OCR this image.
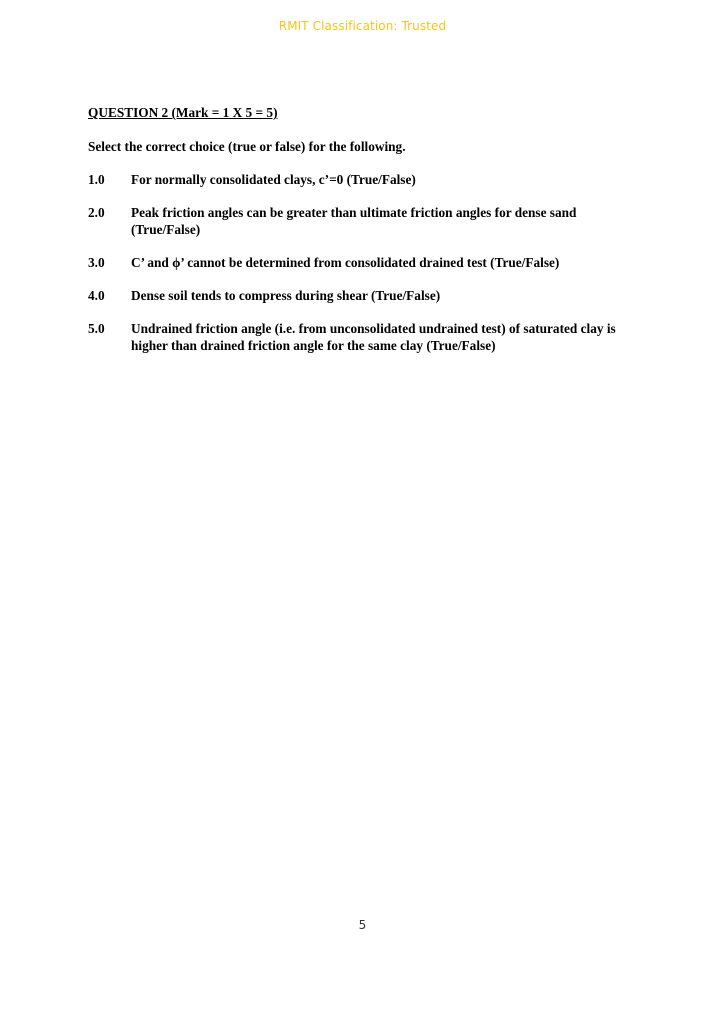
RMIT Classification: Trusted
QUESTION 2 (Mark = 1 X 5 = 5)
Select the correct choice (true or false) for the following.
1.0	For normally consolidated clays, c’=0 (True/False)
2.0	Peak friction angles can be greater than ultimate friction angles for dense sand (True/False)
3.0	C’ and ϕ’ cannot be determined from consolidated drained test (True/False)
4.0	Dense soil tends to compress during shear (True/False)
5.0	Undrained friction angle (i.e. from unconsolidated undrained test) of saturated clay is higher than drained friction angle for the same clay (True/False)
5
